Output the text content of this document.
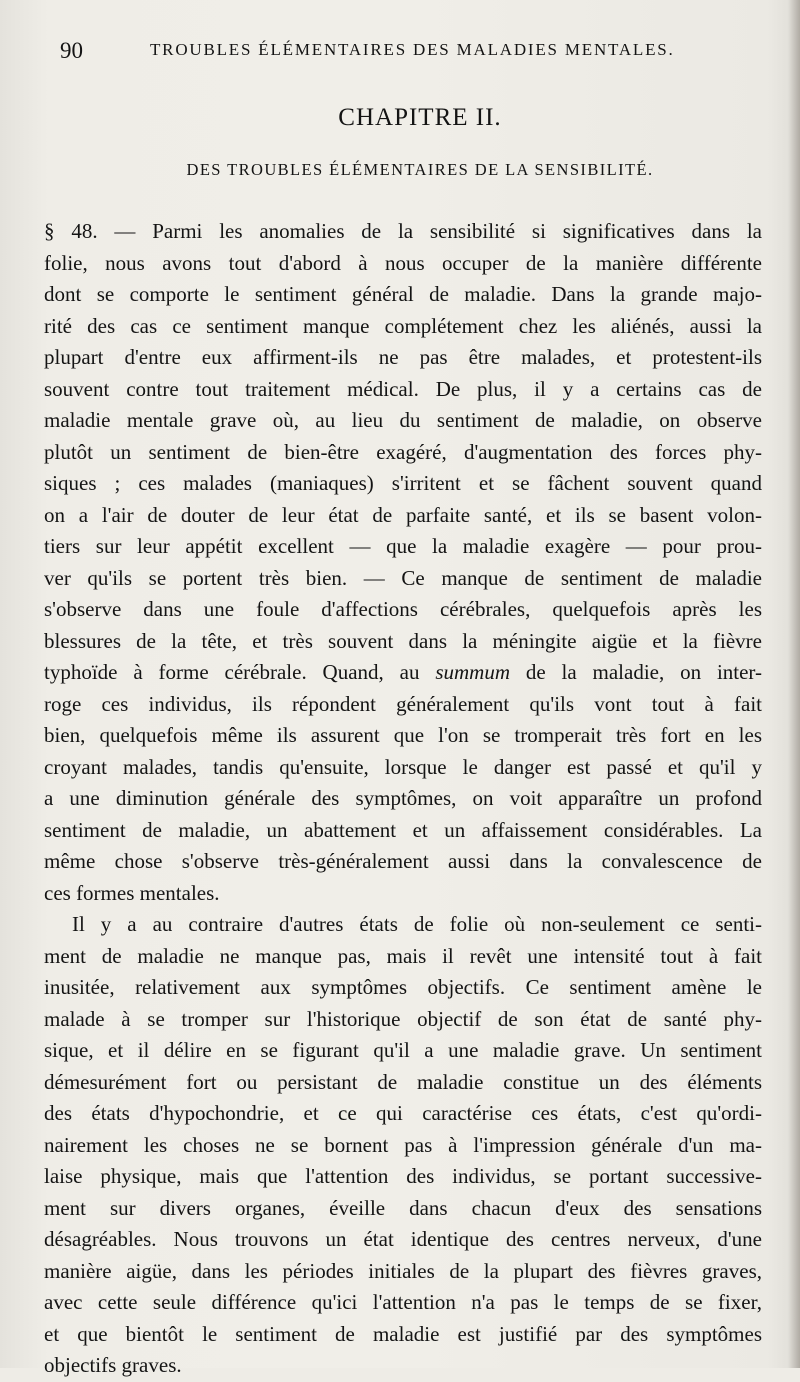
90	TROUBLES ÉLÉMENTAIRES DES MALADIES MENTALES.
CHAPITRE II.
DES TROUBLES ÉLÉMENTAIRES DE LA SENSIBILITÉ.
§ 48. — Parmi les anomalies de la sensibilité si significatives dans la
folie, nous avons tout d'abord à nous occuper de la manière différente
dont se comporte le sentiment général de maladie. Dans la grande majo-
rité des cas ce sentiment manque complétement chez les aliénés, aussi la
plupart d'entre eux affirment-ils ne pas être malades, et protestent-ils
souvent contre tout traitement médical. De plus, il y a certains cas de
maladie mentale grave où, au lieu du sentiment de maladie, on observe
plutôt un sentiment de bien-être exagéré, d'augmentation des forces phy-
siques ; ces malades (maniaques) s'irritent et se fâchent souvent quand
on a l'air de douter de leur état de parfaite santé, et ils se basent volon-
tiers sur leur appétit excellent — que la maladie exagère — pour prou-
ver qu'ils se portent très bien. — Ce manque de sentiment de maladie
s'observe dans une foule d'affections cérébrales, quelquefois après les
blessures de la tête, et très souvent dans la méningite aigüe et la fièvre
typhoïde à forme cérébrale. Quand, au summum de la maladie, on inter-
roge ces individus, ils répondent généralement qu'ils vont tout à fait
bien, quelquefois même ils assurent que l'on se tromperait très fort en les
croyant malades, tandis qu'ensuite, lorsque le danger est passé et qu'il y
a une diminution générale des symptômes, on voit apparaître un profond
sentiment de maladie, un abattement et un affaissement considérables. La
même chose s'observe très-généralement aussi dans la convalescence de
ces formes mentales.
Il y a au contraire d'autres états de folie où non-seulement ce senti-
ment de maladie ne manque pas, mais il revêt une intensité tout à fait
inusitée, relativement aux symptômes objectifs. Ce sentiment amène le
malade à se tromper sur l'historique objectif de son état de santé phy-
sique, et il délire en se figurant qu'il a une maladie grave. Un sentiment
démesurément fort ou persistant de maladie constitue un des éléments
des états d'hypochondrie, et ce qui caractérise ces états, c'est qu'ordi-
nairement les choses ne se bornent pas à l'impression générale d'un ma-
laise physique, mais que l'attention des individus, se portant successive-
ment sur divers organes, éveille dans chacun d'eux des sensations
désagréables. Nous trouvons un état identique des centres nerveux, d'une
manière aigüe, dans les périodes initiales de la plupart des fièvres graves,
avec cette seule différence qu'ici l'attention n'a pas le temps de se fixer,
et que bientôt le sentiment de maladie est justifié par des symptômes
objectifs graves.
